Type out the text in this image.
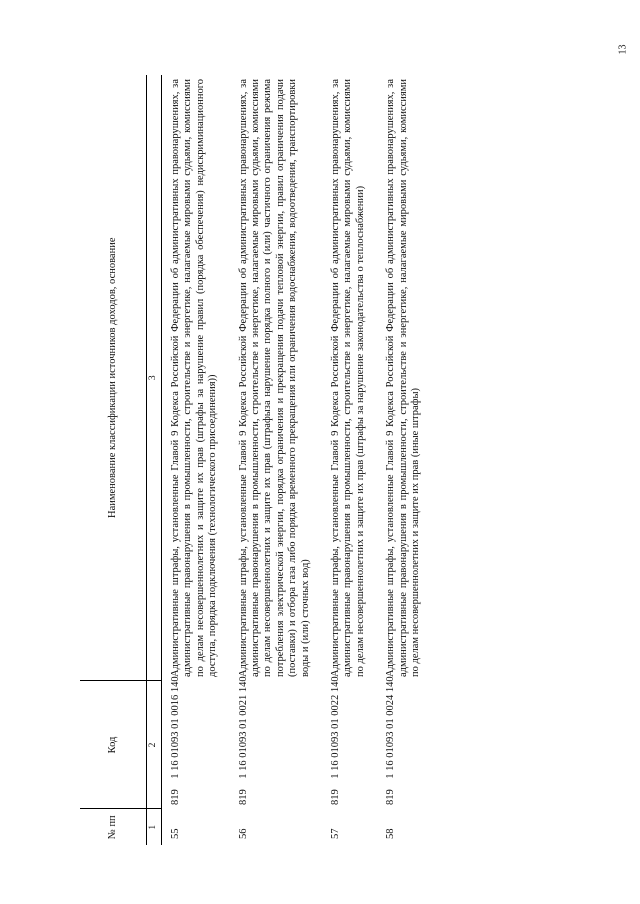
13
№ пп	Код	Наименование классификации источников доходов, основание
1	2	3
55	819    1 16 01093 01 0016 140	Административные штрафы, установленные Главой 9 Кодекса Российской Федерации об административных правонарушениях, за административные правонарушения в промышленности, строительстве и энергетике, налагаемые мировыми судьями, комиссиями по делам несовершеннолетних и защите их прав (штрафы за нарушение правил (порядка обеспечения) недискриминационного доступа, порядка подключения (технологического присоединения))
56	819    1 16 01093 01 0021 140	Административные штрафы, установленные Главой 9 Кодекса Российской Федерации об административных правонарушениях, за административные правонарушения в промышленности, строительстве и энергетике, налагаемые мировыми судьями, комиссиями по делам несовершеннолетних и защите их прав (штрафыза нарушение порядка полного и (или) частичного ограничения режима потребления электрической энергии, порядка ограничения и прекращения подачи тепловой энергии, правил ограничения подачи (поставки) и отбора газа либо порядка временного прекращения или ограничения водоснабжения, водоотведения, транспортировки воды и (или) сточных вод)
57	819    1 16 01093 01 0022 140	Административные штрафы, установленные Главой 9 Кодекса Российской Федерации об административных правонарушениях, за административные правонарушения в промышленности, строительстве и энергетике, налагаемые мировыми судьями, комиссиями по делам несовершеннолетних и защите их прав (штрафы за нарушение законодательства о теплоснабжении)
58	819    1 16 01093 01 0024 140	Административные штрафы, установленные Главой 9 Кодекса Российской Федерации об административных правонарушениях, за административные правонарушения в промышленности, строительстве и энергетике, налагаемые мировыми судьями, комиссиями по делам несовершеннолетних и защите их прав (иные штрафы)
